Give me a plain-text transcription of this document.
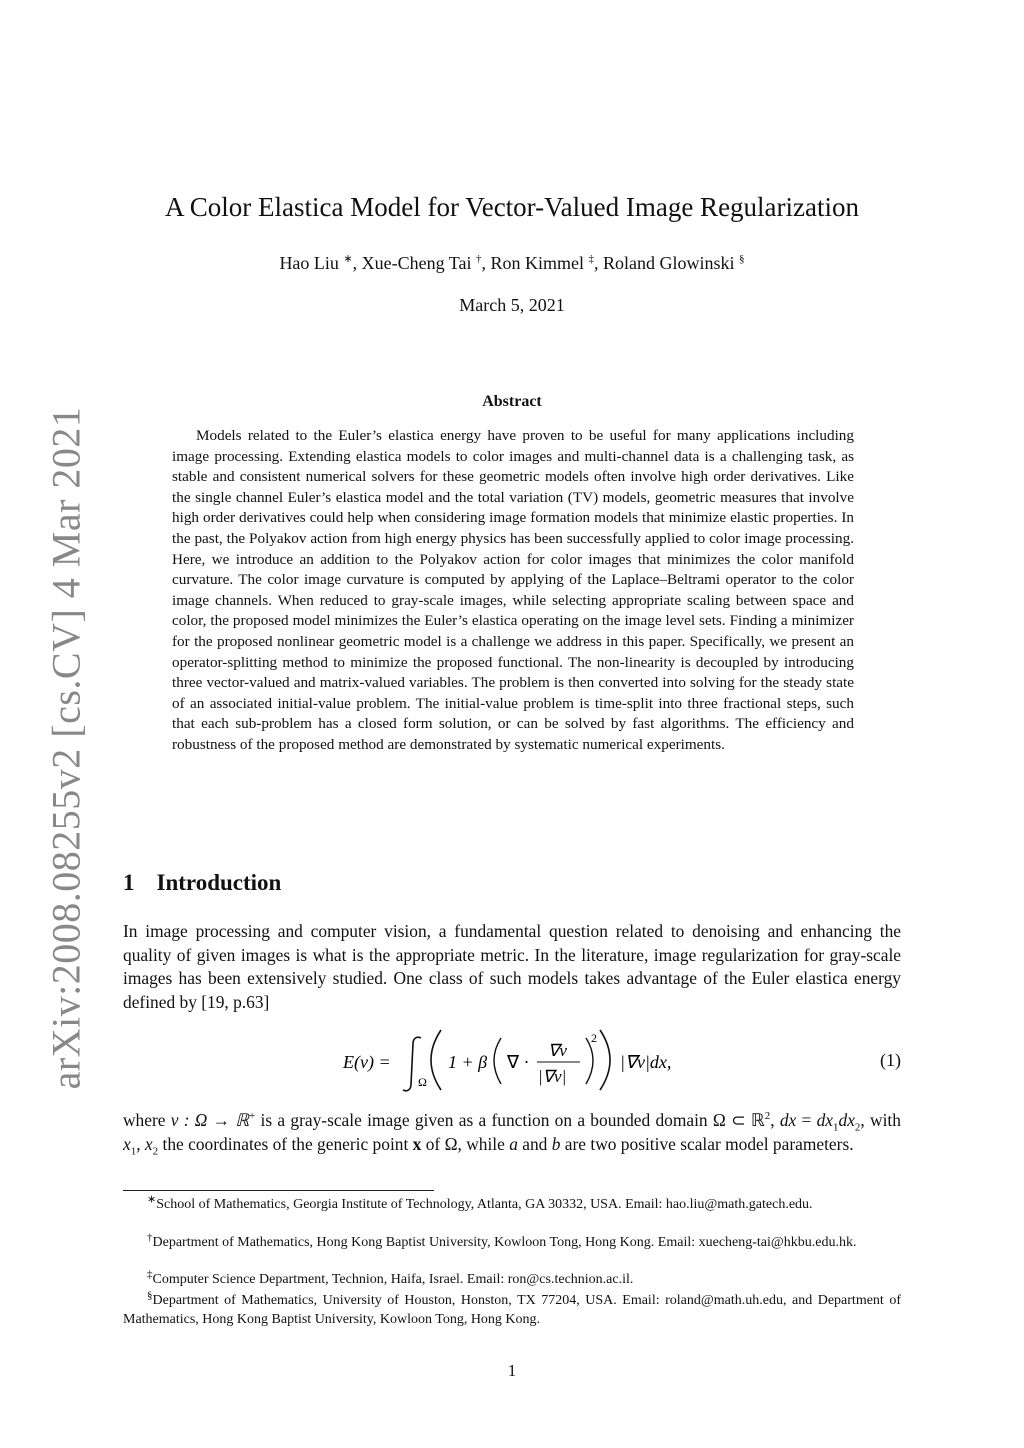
arXiv:2008.08255v2 [cs.CV] 4 Mar 2021
A Color Elastica Model for Vector-Valued Image Regularization
Hao Liu ∗, Xue-Cheng Tai †, Ron Kimmel ‡, Roland Glowinski §
March 5, 2021
Abstract
Models related to the Euler’s elastica energy have proven to be useful for many applications including image processing. Extending elastica models to color images and multi-channel data is a challenging task, as stable and consistent numerical solvers for these geometric models often involve high order derivatives. Like the single channel Euler’s elastica model and the total variation (TV) models, geometric measures that involve high order derivatives could help when considering image formation models that minimize elastic properties. In the past, the Polyakov action from high energy physics has been successfully applied to color image processing. Here, we introduce an addition to the Polyakov action for color images that minimizes the color manifold curvature. The color image curvature is computed by applying of the Laplace–Beltrami operator to the color image channels. When reduced to gray-scale images, while selecting appropriate scaling between space and color, the proposed model minimizes the Euler’s elastica operating on the image level sets. Finding a minimizer for the proposed nonlinear geometric model is a challenge we address in this paper. Specifically, we present an operator-splitting method to minimize the proposed functional. The non-linearity is decoupled by introducing three vector-valued and matrix-valued variables. The problem is then converted into solving for the steady state of an associated initial-value problem. The initial-value problem is time-split into three fractional steps, such that each sub-problem has a closed form solution, or can be solved by fast algorithms. The efficiency and robustness of the proposed method are demonstrated by systematic numerical experiments.
1 Introduction
In image processing and computer vision, a fundamental question related to denoising and enhancing the quality of given images is what is the appropriate metric. In the literature, image regularization for gray-scale images has been extensively studied. One class of such models takes advantage of the Euler elastica energy defined by [19, p.63]
E(v) =
Ω
1 + β ∇ ·
∇v
|∇v|
2
|∇v|dx,	(1)
where v : Ω → ℝ+ is a gray-scale image given as a function on a bounded domain Ω ⊂ ℝ$^2$, dx = $dx_1dx_2$, with $x_1$, $x_2$ the coordinates of the generic point x of Ω, while a and b are two positive scalar model parameters.
∗School of Mathematics, Georgia Institute of Technology, Atlanta, GA 30332, USA. Email: hao.liu@math.gatech.edu.
†Department of Mathematics, Hong Kong Baptist University, Kowloon Tong, Hong Kong. Email: xuecheng-tai@hkbu.edu.hk.
‡Computer Science Department, Technion, Haifa, Israel. Email: ron@cs.technion.ac.il.
§Department of Mathematics, University of Houston, Honston, TX 77204, USA. Email: roland@math.uh.edu, and Department of Mathematics, Hong Kong Baptist University, Kowloon Tong, Hong Kong.
1
